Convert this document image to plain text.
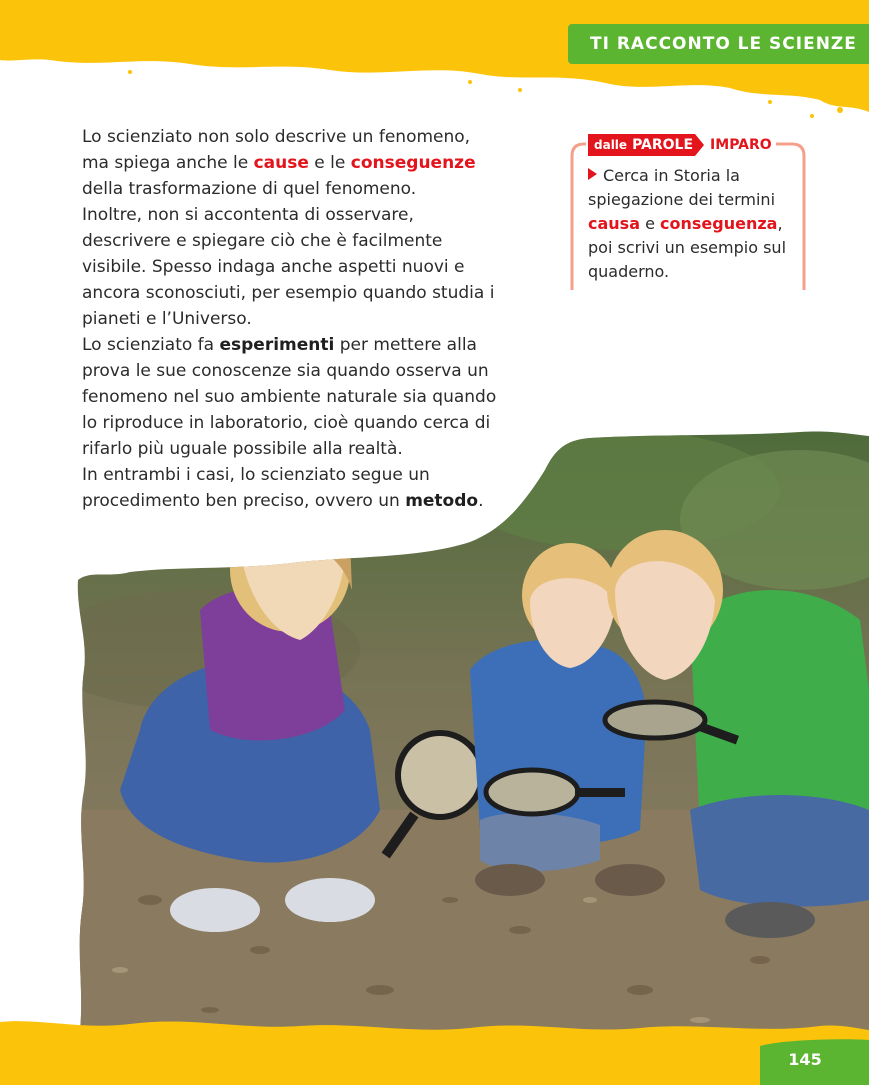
TI RACCONTO LE SCIENZE

Lo scienziato non solo descrive un fenomeno, ma spiega anche le cause e le conseguenze della trasformazione di quel fenomeno.

Inoltre, non si accontenta di osservare, descrivere e spiegare ciò che è facilmente visibile. Spesso indaga anche aspetti nuovi e ancora sconosciuti, per esempio quando studia i pianeti e l’Universo.

Lo scienziato fa esperimenti per mettere alla prova le sue conoscenze sia quando osserva un fenomeno nel suo ambiente naturale sia quando lo riproduce in laboratorio, cioè quando cerca di rifarlo più uguale possibile alla realtà.

In entrambi i casi, lo scienziato segue un procedimento ben preciso, ovvero un metodo.

dalle PAROLE	IMPARO
Cerca in Storia la spiegazione dei termini causa e conseguenza, poi scrivi un esempio sul quaderno.
145
